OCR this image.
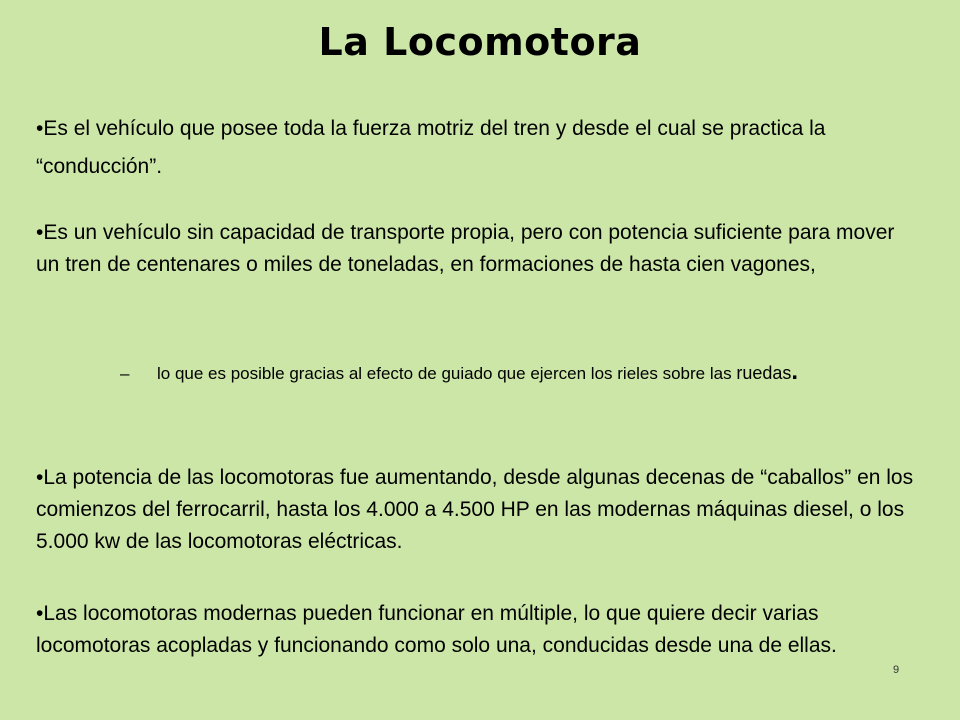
La Locomotora

•Es el vehículo que posee toda la fuerza motriz del tren y desde el cual se practica la “conducción”.

•Es un vehículo sin capacidad de transporte propia, pero con potencia suficiente para mover un tren de centenares o miles de toneladas, en formaciones de hasta cien vagones,

– lo que es posible gracias al efecto de guiado que ejercen los rieles sobre las ruedas.

•La potencia de las locomotoras fue aumentando, desde algunas decenas de “caballos” en los comienzos del ferrocarril, hasta los 4.000 a 4.500 HP en las modernas máquinas diesel, o los 5.000 kw de las locomotoras eléctricas.

•Las locomotoras modernas pueden funcionar en múltiple, lo que quiere decir varias locomotoras acopladas y funcionando como solo una, conducidas desde una de ellas.

9
